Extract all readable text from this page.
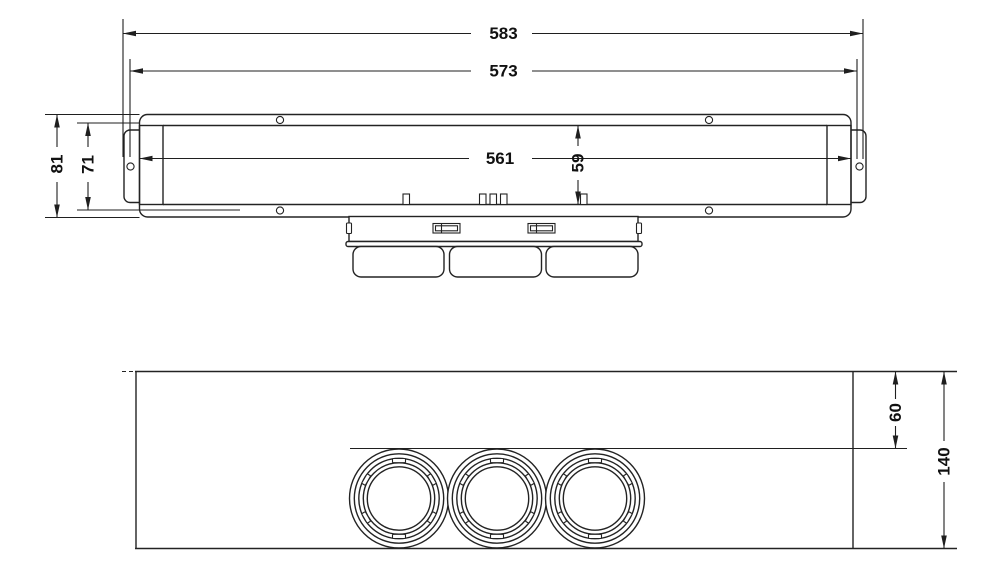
583
573
561	59
81 71
60
140
